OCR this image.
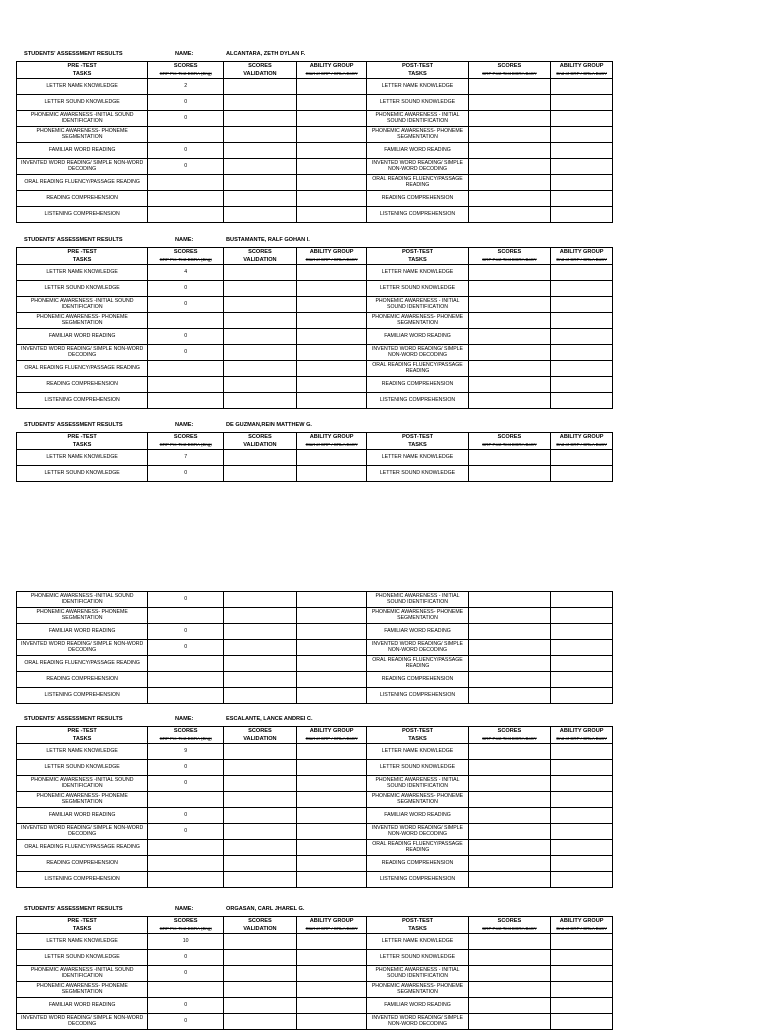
STUDENTS' ASSESSMENT RESULTS	NAME:	ALCANTARA, ZETH DYLAN F.
PRE -TEST	SCORES	SCORES	ABILITY GROUP	POST-TEST	SCORES	ABILITY GROUP
TASKS	CRP Pre-Test EGRA (Eng)	VALIDATION	Start of CRP / CRLA EoSY	TASKS	CRP Post-Test EGRA BoSY	End of CRP / CRLA BoSY

LETTER NAME KNOWLEDGE	2			LETTER NAME KNOWLEDGE		
LETTER SOUND KNOWLEDGE	0			LETTER SOUND KNOWLEDGE		
PHONEMIC AWARENESS -INITIAL SOUND IDENTIFICATION	0			PHONEMIC AWARENESS - INITIAL SOUND IDENTIFICATION		
PHONEMIC AWARENESS- PHONEME SEGMENTATION				PHONEMIC AWARENESS- PHONEME SEGMENTATION		
FAMILIAR WORD READING	0			FAMILIAR WORD READING		
INVENTED WORD READING/ SIMPLE NON-WORD DECODING	0			INVENTED WORD READING/ SIMPLE NON-WORD DECODING		
ORAL READING FLUENCY/PASSAGE READING				ORAL READING FLUENCY/PASSAGE READING		
READING COMPREHENSION				READING COMPREHENSION		
LISTENING COMPREHENSION				LISTENING COMPREHENSION		
STUDENTS' ASSESSMENT RESULTS	NAME:	BUSTAMANTE, RALF GOHAN I.
PRE -TEST	SCORES	SCORES	ABILITY GROUP	POST-TEST	SCORES	ABILITY GROUP
TASKS	CRP Pre-Test EGRA (Eng)	VALIDATION	Start of CRP / CRLA EoSY	TASKS	CRP Post-Test EGRA BoSY	End of CRP / CRLA BoSY

LETTER NAME KNOWLEDGE	4			LETTER NAME KNOWLEDGE		
LETTER SOUND KNOWLEDGE	0			LETTER SOUND KNOWLEDGE		
PHONEMIC AWARENESS -INITIAL SOUND IDENTIFICATION	0			PHONEMIC AWARENESS - INITIAL SOUND IDENTIFICATION		
PHONEMIC AWARENESS- PHONEME SEGMENTATION				PHONEMIC AWARENESS- PHONEME SEGMENTATION		
FAMILIAR WORD READING	0			FAMILIAR WORD READING		
INVENTED WORD READING/ SIMPLE NON-WORD DECODING	0			INVENTED WORD READING/ SIMPLE NON-WORD DECODING		
ORAL READING FLUENCY/PASSAGE READING				ORAL READING FLUENCY/PASSAGE READING		
READING COMPREHENSION				READING COMPREHENSION		
LISTENING COMPREHENSION				LISTENING COMPREHENSION		
STUDENTS' ASSESSMENT RESULTS	NAME:	DE GUZMAN,REIN MATTHEW G.
PRE -TEST	SCORES	SCORES	ABILITY GROUP	POST-TEST	SCORES	ABILITY GROUP
TASKS	CRP Pre-Test EGRA (Eng)	VALIDATION	Start of CRP / CRLA EoSY	TASKS	CRP Post-Test EGRA BoSY	End of CRP / CRLA BoSY

LETTER NAME KNOWLEDGE	7			LETTER NAME KNOWLEDGE		
LETTER SOUND KNOWLEDGE	0			LETTER SOUND KNOWLEDGE		
PHONEMIC AWARENESS -INITIAL SOUND IDENTIFICATION	0			PHONEMIC AWARENESS - INITIAL SOUND IDENTIFICATION		
PHONEMIC AWARENESS- PHONEME SEGMENTATION				PHONEMIC AWARENESS- PHONEME SEGMENTATION		
FAMILIAR WORD READING	0			FAMILIAR WORD READING		
INVENTED WORD READING/ SIMPLE NON-WORD DECODING	0			INVENTED WORD READING/ SIMPLE NON-WORD DECODING		
ORAL READING FLUENCY/PASSAGE READING				ORAL READING FLUENCY/PASSAGE READING		
READING COMPREHENSION				READING COMPREHENSION		
LISTENING COMPREHENSION				LISTENING COMPREHENSION		
STUDENTS' ASSESSMENT RESULTS	NAME:	ESCALANTE, LANCE ANDREI C.
PRE -TEST	SCORES	SCORES	ABILITY GROUP	POST-TEST	SCORES	ABILITY GROUP
TASKS	CRP Pre-Test EGRA (Eng)	VALIDATION	Start of CRP / CRLA EoSY	TASKS	CRP Post-Test EGRA BoSY	End of CRP / CRLA BoSY

LETTER NAME KNOWLEDGE	9			LETTER NAME KNOWLEDGE		
LETTER SOUND KNOWLEDGE	0			LETTER SOUND KNOWLEDGE		
PHONEMIC AWARENESS -INITIAL SOUND IDENTIFICATION	0			PHONEMIC AWARENESS - INITIAL SOUND IDENTIFICATION		
PHONEMIC AWARENESS- PHONEME SEGMENTATION				PHONEMIC AWARENESS- PHONEME SEGMENTATION		
FAMILIAR WORD READING	0			FAMILIAR WORD READING		
INVENTED WORD READING/ SIMPLE NON-WORD DECODING	0			INVENTED WORD READING/ SIMPLE NON-WORD DECODING		
ORAL READING FLUENCY/PASSAGE READING				ORAL READING FLUENCY/PASSAGE READING		
READING COMPREHENSION				READING COMPREHENSION		
LISTENING COMPREHENSION				LISTENING COMPREHENSION		
STUDENTS' ASSESSMENT RESULTS	NAME:	ORGASAN, CARL JHAREL G.
PRE -TEST	SCORES	SCORES	ABILITY GROUP	POST-TEST	SCORES	ABILITY GROUP
TASKS	CRP Pre-Test EGRA (Eng)	VALIDATION	Start of CRP / CRLA EoSY	TASKS	CRP Post-Test EGRA BoSY	End of CRP / CRLA BoSY

LETTER NAME KNOWLEDGE	10			LETTER NAME KNOWLEDGE		
LETTER SOUND KNOWLEDGE	0			LETTER SOUND KNOWLEDGE		
PHONEMIC AWARENESS -INITIAL SOUND IDENTIFICATION	0			PHONEMIC AWARENESS - INITIAL SOUND IDENTIFICATION		
PHONEMIC AWARENESS- PHONEME SEGMENTATION				PHONEMIC AWARENESS- PHONEME SEGMENTATION		
FAMILIAR WORD READING	0			FAMILIAR WORD READING		
INVENTED WORD READING/ SIMPLE NON-WORD DECODING	0			INVENTED WORD READING/ SIMPLE NON-WORD DECODING		
